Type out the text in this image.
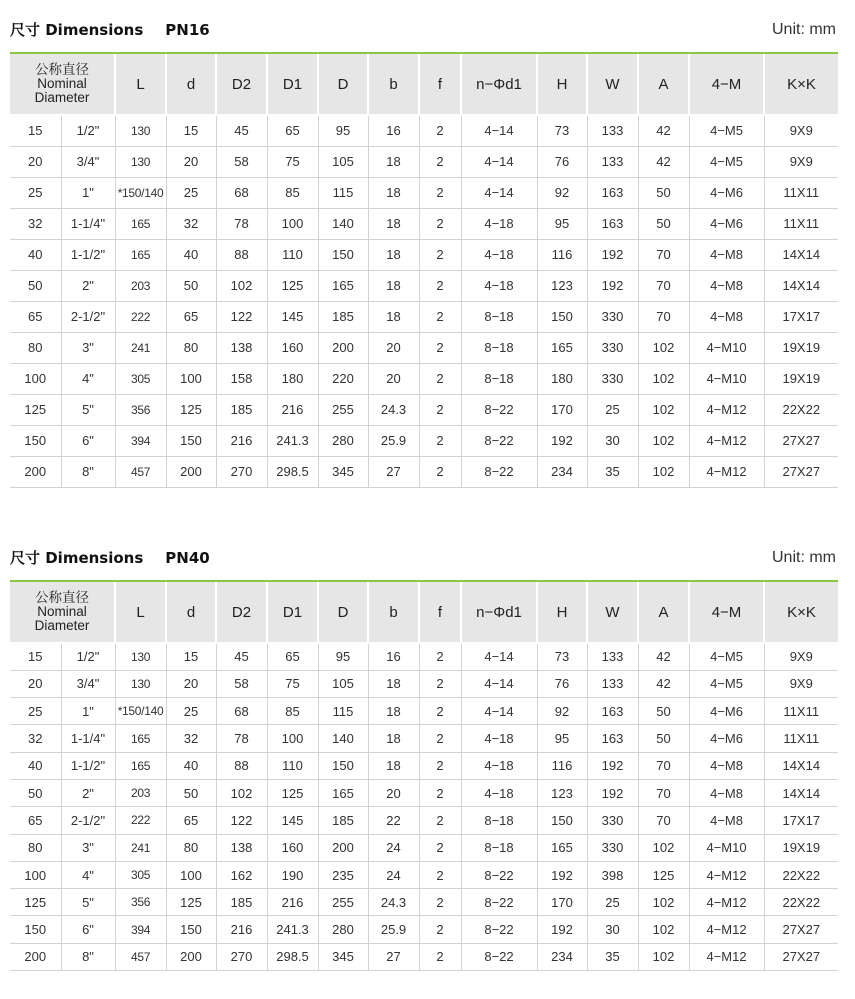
尺寸 Dimensions PN16	Unit: mm
公称直径
Nominal
Diameter		L	d	D2	D1	D	b	f	n−Φd1	H	W	A	4−M	K×K
15	1/2"	130	15	45	65	95	16	2	4−14	73	133	42	4−M5	9X9
20	3/4"	130	20	58	75	105	18	2	4−14	76	133	42	4−M5	9X9
25	1"	*150/140	25	68	85	115	18	2	4−14	92	163	50	4−M6	11X11
32	1-1/4"	165	32	78	100	140	18	2	4−18	95	163	50	4−M6	11X11
40	1-1/2"	165	40	88	110	150	18	2	4−18	116	192	70	4−M8	14X14
50	2"	203	50	102	125	165	18	2	4−18	123	192	70	4−M8	14X14
65	2-1/2"	222	65	122	145	185	18	2	8−18	150	330	70	4−M8	17X17
80	3"	241	80	138	160	200	20	2	8−18	165	330	102	4−M10	19X19
100	4"	305	100	158	180	220	20	2	8−18	180	330	102	4−M10	19X19
125	5"	356	125	185	216	255	24.3	2	8−22	170	25	102	4−M12	22X22
150	6"	394	150	216	241.3	280	25.9	2	8−22	192	30	102	4−M12	27X27
200	8"	457	200	270	298.5	345	27	2	8−22	234	35	102	4−M12	27X27
尺寸 Dimensions PN40	Unit: mm
公称直径
Nominal
Diameter		L	d	D2	D1	D	b	f	n−Φd1	H	W	A	4−M	K×K
15	1/2"	130	15	45	65	95	16	2	4−14	73	133	42	4−M5	9X9
20	3/4"	130	20	58	75	105	18	2	4−14	76	133	42	4−M5	9X9
25	1"	*150/140	25	68	85	115	18	2	4−14	92	163	50	4−M6	11X11
32	1-1/4"	165	32	78	100	140	18	2	4−18	95	163	50	4−M6	11X11
40	1-1/2"	165	40	88	110	150	18	2	4−18	116	192	70	4−M8	14X14
50	2"	203	50	102	125	165	20	2	4−18	123	192	70	4−M8	14X14
65	2-1/2"	222	65	122	145	185	22	2	8−18	150	330	70	4−M8	17X17
80	3"	241	80	138	160	200	24	2	8−18	165	330	102	4−M10	19X19
100	4"	305	100	162	190	235	24	2	8−22	192	398	125	4−M12	22X22
125	5"	356	125	185	216	255	24.3	2	8−22	170	25	102	4−M12	22X22
150	6"	394	150	216	241.3	280	25.9	2	8−22	192	30	102	4−M12	27X27
200	8"	457	200	270	298.5	345	27	2	8−22	234	35	102	4−M12	27X27
